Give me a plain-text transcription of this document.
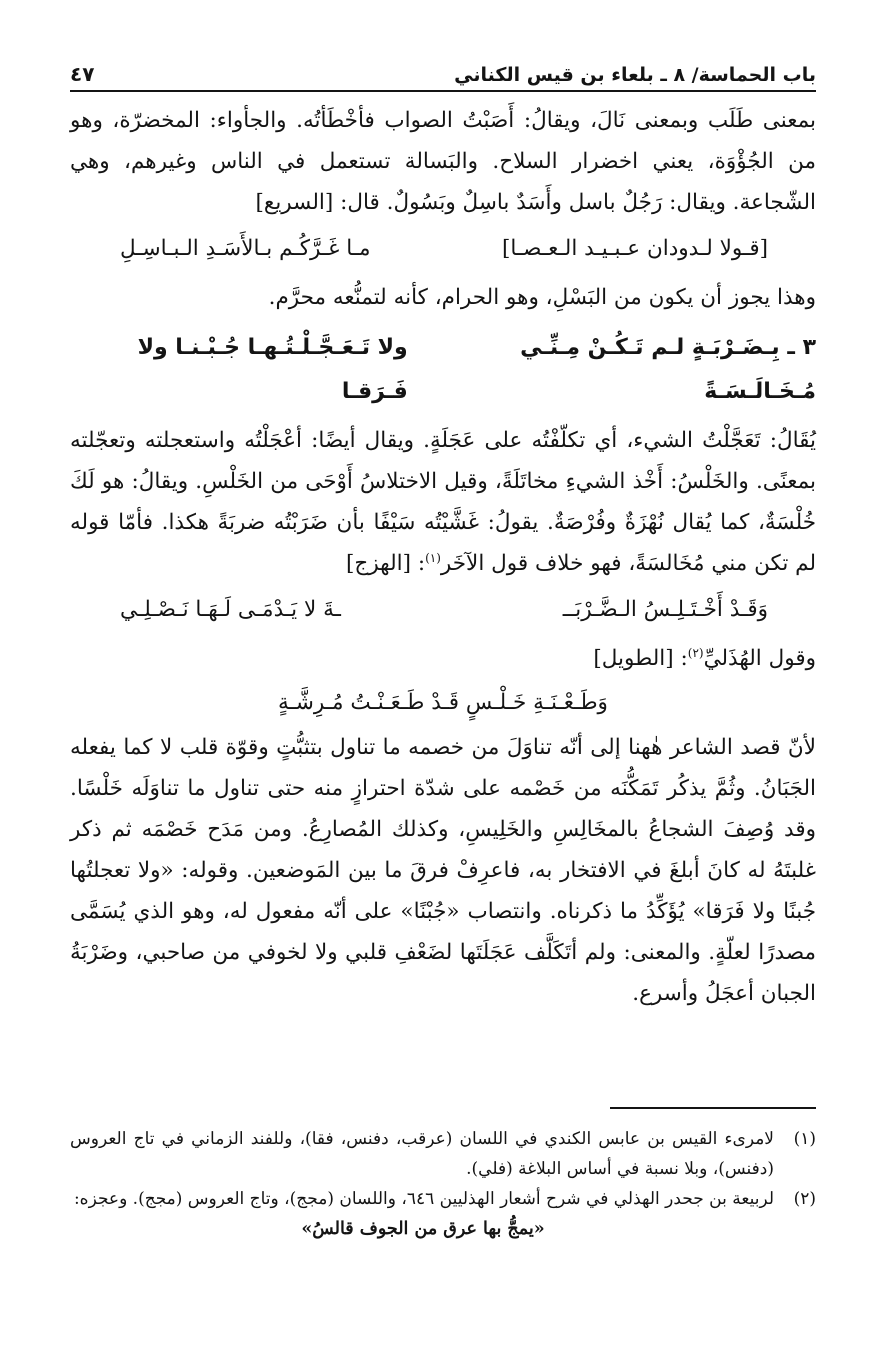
باب الحماسة/ ٨ ـ بلعاء بن قيس الكناني
٤٧

بمعنى طَلَب وبمعنى نَالَ، ويقالُ: أَصَبْتُ الصواب فأخْطَأتُه. والجأواء: المخضرّة، وهو من الجُؤْوَة، يعني اخضرار السلاح. والبَسالة تستعمل في الناس وغيرهم، وهي الشّجاعة. ويقال: رَجُلٌ باسل وأَسَدٌ باسِلٌ وبَسُولٌ. قال: [السريع]

[قـولا لـدودان عـبـيـد الـعـصـا]
مـا غَـرَّكُـم بـالأَسَـدِ الـبـاسِـلِ

وهذا يجوز أن يكون من البَسْلِ، وهو الحرام، كأنه لتمنُّعه محرَّم.

٣ ـ بِـضَـرْبَـةٍ لـم تَـكُـنْ مِـنِّـي مُـخَـالَـسَـةً
ولا تَـعَـجَّـلْـتُـهـا جُـبْـنـا ولا فَـرَقـا

يُقَالُ: تَعَجَّلْتُ الشيء، أي تكلّفْتُه على عَجَلَةٍ. ويقال أيضًا: أعْجَلْتُه واستعجلته وتعجّلته بمعنًى. والخَلْسُ: أَخْذ الشيءِ مخاتَلَةً، وقيل الاختلاسُ أَوْحَى من الخَلْسِ. ويقالُ: هو لَكَ خُلْسَةٌ، كما يُقال نُهْزَةٌ وفُرْصَةٌ. يقولُ: غَشَّيْتُه سَيْفًا بأن ضَرَبْتُه ضربَةً هكذا. فأمّا قوله لم تكن مني مُخَالسَةً، فهو خلاف قول الآخَر$^{(١)}$: [الهزج]

وَقَـدْ أَخْـتَـلِـسُ الـضَّـرْبَــ
ـةَ لا يَـدْمَـى لَـهَـا نَـصْـلِـي

وقول الهُذَليِّ$^{(٢)}$: [الطويل]

وَطَـعْـنَـةِ خَـلْـسٍ قَـدْ طَـعَـنْـتُ مُـرِشَّـةٍ

لأنّ قصد الشاعر هٰهنا إلى أنّه تناوَلَ من خصمه ما تناول بتثبُّتٍ وقوّة قلب لا كما يفعله الجَبَانُ. وثُمَّ يذكُر تَمَكُّنَه من خَصْمه على شدّة احترازٍ منه حتى تناول ما تناوَلَه خَلْسًا. وقد وُصِفَ الشجاعُ بالمخَالِسِ والخَلِيسِ، وكذلك المُصارِعُ. ومن مَدَح خَصْمَه ثم ذكر غلبتَهُ له كانَ أبلغَ في الافتخار به، فاعرِفْ فرقَ ما بين المَوضعين. وقوله: «ولا تعجلتُها جُبنًا ولا فَرَقا» يُؤَكِّدُ ما ذكرناه. وانتصاب «جُبْنًا» على أنّه مفعول له، وهو الذي يُسَمَّى مصدرًا لعلّةٍ. والمعنى: ولم أتَكَلَّف عَجَلَتَها لضَعْفِ قلبي ولا لخوفي من صاحبي، وضَرْبَةُ الجبان أعجَلُ وأسرع.

(١)
لامرىء القيس بن عابس الكندي في اللسان (عرقب، دفنس، فقا)، وللفند الزماني في تاج العروس (دفنس)، وبلا نسبة في أساس البلاغة (فلي).
(٢)
لربيعة بن جحدر الهذلي في شرح أشعار الهذليين ٦٤٦، واللسان (مجج)، وتاج العروس (مجج). وعجزه:
«يمجُّ بها عرق من الجوف قالسُ»
